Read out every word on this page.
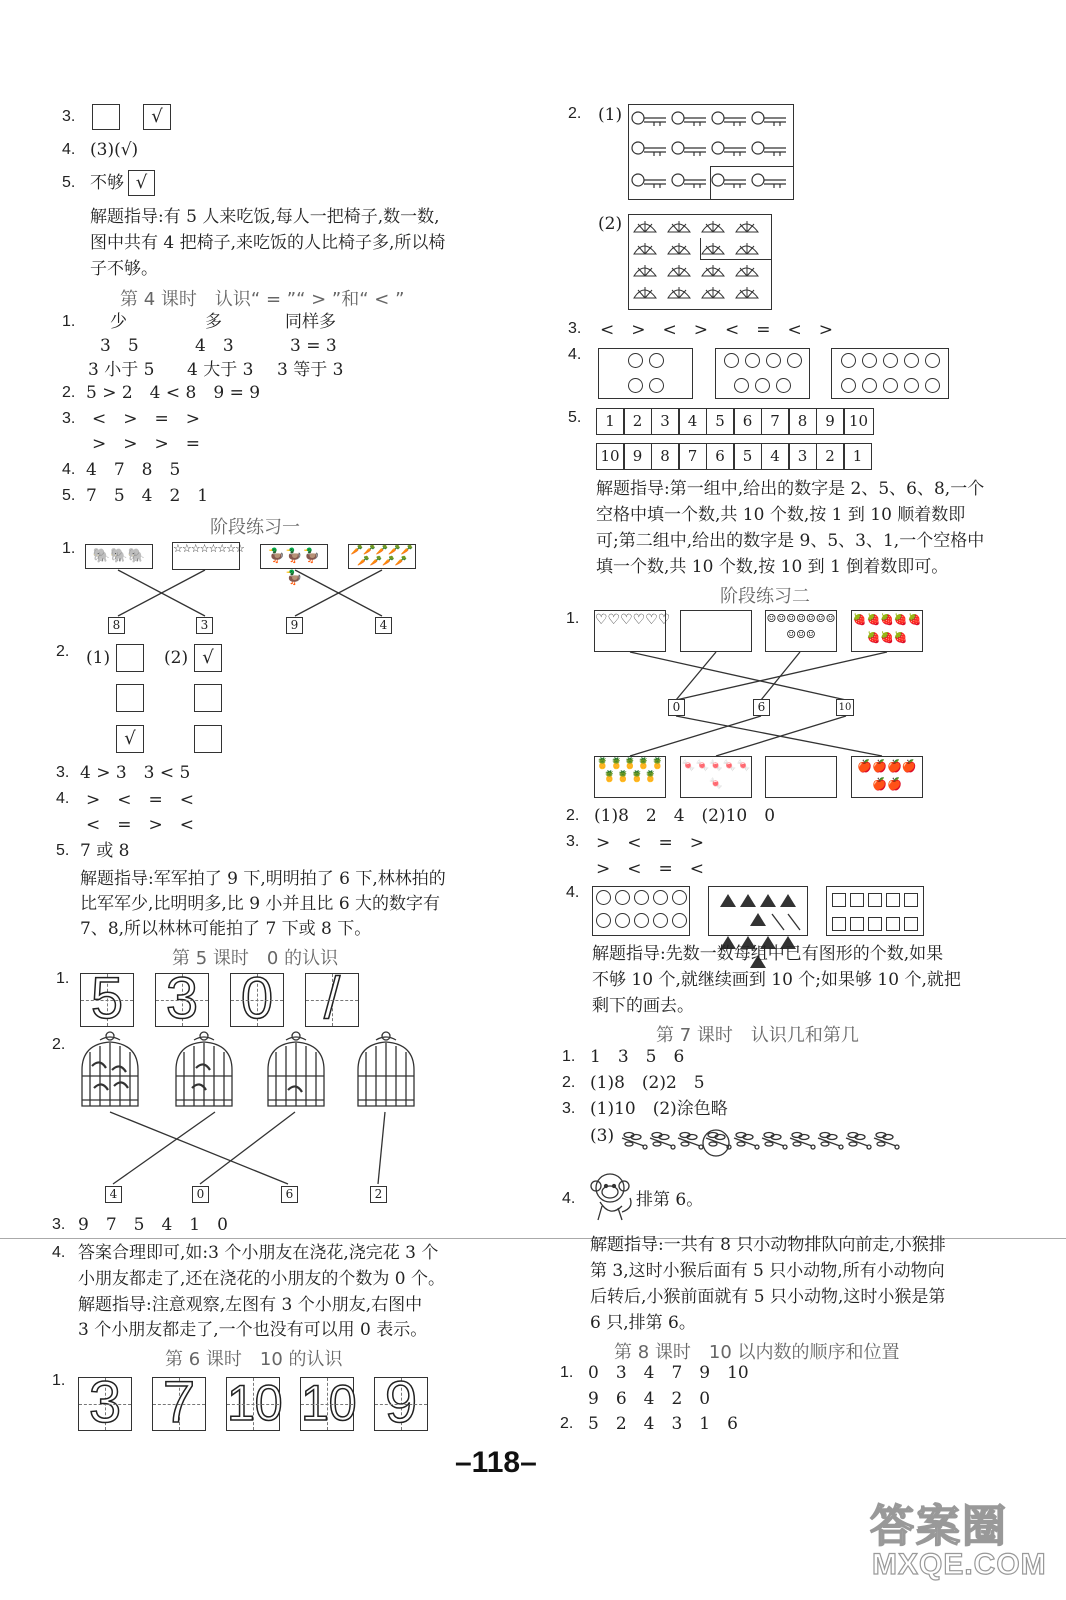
3.	√
4. (3)(√)
5. 不够 √
解题指导:有 5 人来吃饭,每人一把椅子,数一数,
图中共有 4 把椅子,来吃饭的人比椅子多,所以椅
子不够。
第 4 课时　认识“ = ”“ > ”和“ < ”
1. 少	多	同样多
3　5	4　3	3 = 3
3 小于 5 4 大于 3 3 等于 3
2. 5 > 2　4 < 8　9 = 9
3. <　>　=　>
>　>　>　=
4. 4　7　8　5
5. 7　5　4　2　1
阶段练习一
1.	🐘🐘🐘	☆☆☆☆☆☆☆☆	🦆🦆🦆🦆
🥕🥕🥕🥕🥕🥕🥕🥕🥕
8	3	9	4
2. (1)	(2) √
√
3. 4 > 3　3 < 5
4. >　<　=　<
<　=　>　<
5. 7 或 8
解题指导:军军拍了 9 下,明明拍了 6 下,林林拍的
比军军少,比明明多,比 9 小并且比 6 大的数字有
7、8,所以林林可能拍了 7 下或 8 下。
第 5 课时　0 的认识
1. 5 3 0 /
2.
4	0	6	2
3. 9　7　5　4　1　0
4. 答案合理即可,如:3 个小朋友在浇花,浇完花 3 个
小朋友都走了,还在浇花的小朋友的个数为 0 个。
解题指导:注意观察,左图有 3 个小朋友,右图中
3 个小朋友都走了,一个也没有可以用 0 表示。
第 6 课时　10 的认识
1. 3 7 10 10 9
2. (1)
(2)
3. <　>　<　>　<　=　<　>
4.

5.	1	2	3	4	5	6	7	8	9 10
10 9	8	7	6	5	4	3	2	1
解题指导:第一组中,给出的数字是 2、5、6、8,一个
空格中填一个数,共 10 个数,按 1 到 10 顺着数即
可;第二组中,给出的数字是 9、5、3、1,一个空格中
填一个数,共 10 个数,按 10 到 1 倒着数即可。
阶段练习二
1. ♡♡♡♡♡♡	☺☺☺☺☺☺☺☺☺☺
🍓🍓🍓🍓🍓🍓🍓🍓
0	6	10
🍍🍍🍍🍍🍍🍍🍍🍍🍍
🍬🍬🍬🍬🍬🍬
🍎🍎🍎🍎🍎🍎
2. (1)8　2　4　(2)10　0
3. >　<　=　>
>　<　=　<
4.

解题指导:先数一数每组中已有图形的个数,如果
不够 10 个,就继续画到 10 个;如果够 10 个,就把
剩下的画去。
第 7 课时　认识几和第几
1. 1　3　5　6
2. (1)8　(2)2　5
3. (1)10　(2)涂色略
(3)
4.	排第 6。
解题指导:一共有 8 只小动物排队向前走,小猴排
第 3,这时小猴后面有 5 只小动物,所有小动物向
后转后,小猴前面就有 5 只小动物,这时小猴是第
6 只,排第 6。
第 8 课时　10 以内数的顺序和位置
1. 0　3　4　7　9　10
9　6　4　2　0
2. 5　2　4　3　1　6
–118–
答案圈
MXQE.COM
